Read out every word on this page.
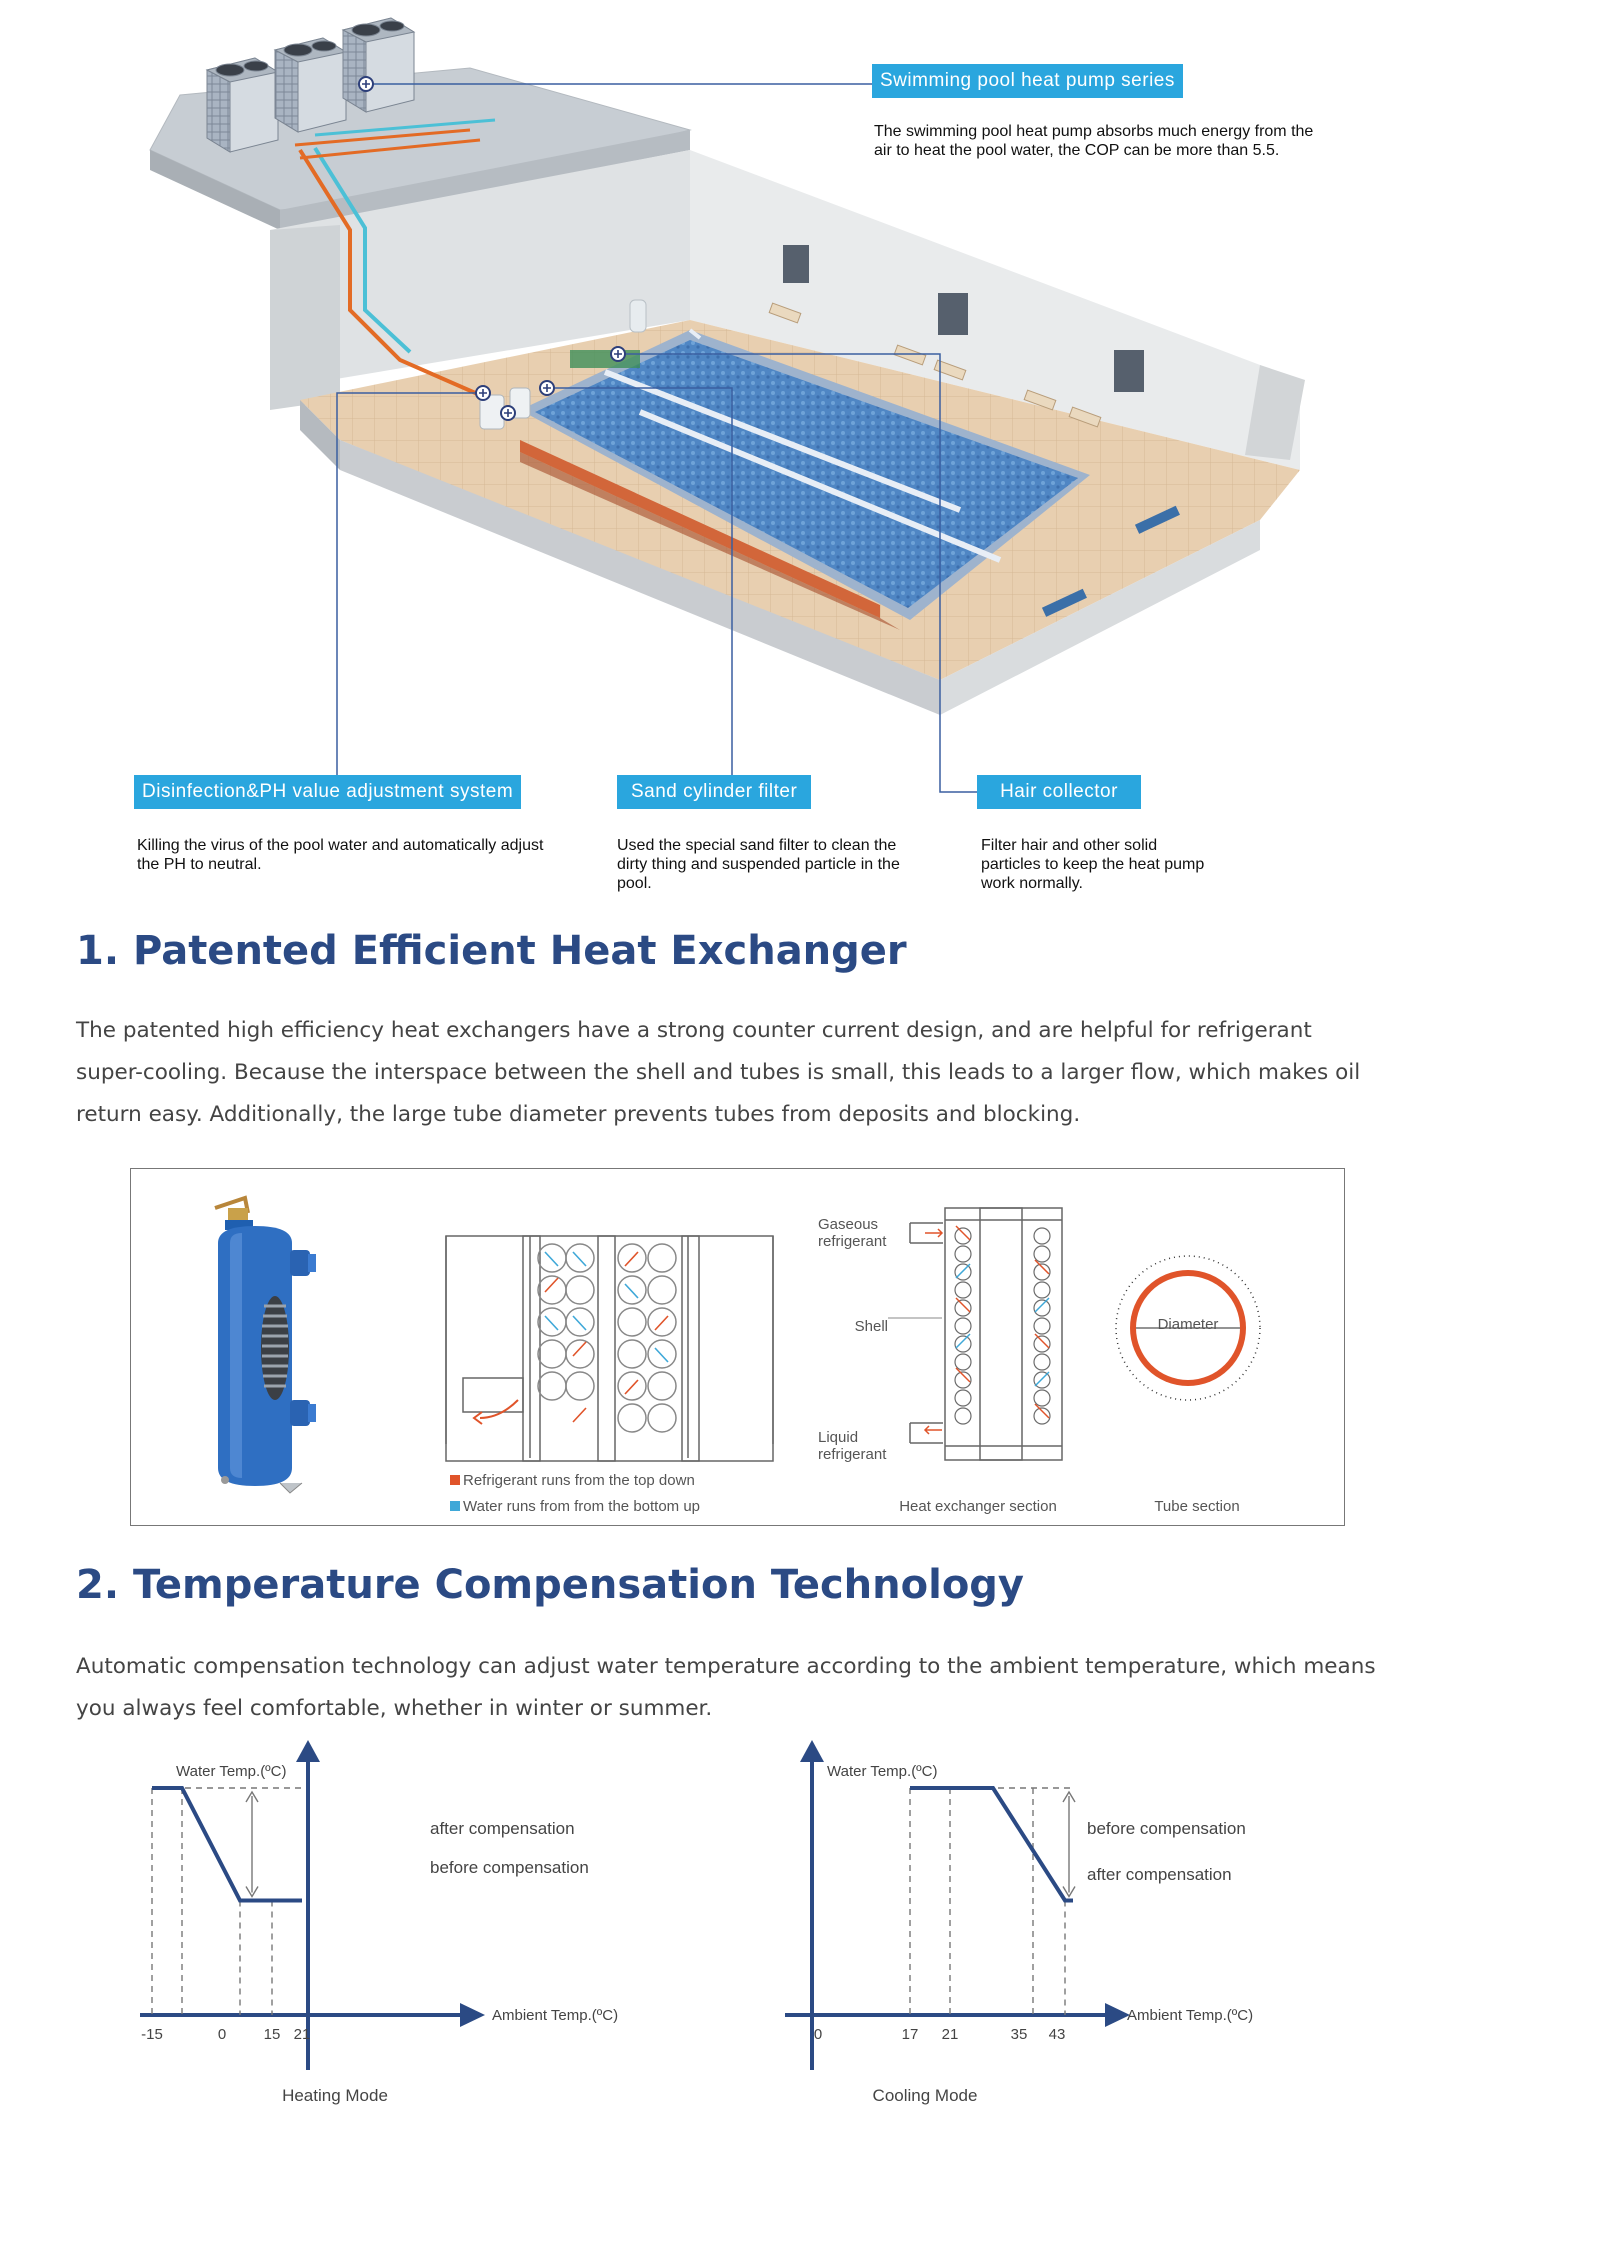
Swimming pool heat pump series
The swimming pool heat pump absorbs much energy from the air to heat the pool water, the COP can be more than 5.5.
Disinfection&PH value adjustment system
Killing the virus of the pool water and automatically adjust the PH to neutral.
Sand cylinder filter
Used the special sand filter to clean the dirty thing and suspended particle in the pool.
Hair collector
Filter hair and other solid particles to keep the heat pump work normally.
1. Patented Efficient Heat Exchanger

The patented high efficiency heat exchangers have a strong counter current design, and are helpful for refrigerant super-cooling. Because the interspace between the shell and tubes is small, this leads to a larger flow, which makes oil return easy. Additionally, the large tube diameter prevents tubes from deposits and blocking.

Refrigerant runs from the top down
Water runs from from the bottom up
Gaseous
refrigerant
Shell
Liquid
refrigerant
Heat exchanger section
Diameter
Tube section
2. Temperature Compensation Technology

Automatic compensation technology can adjust water temperature according to the ambient temperature, which means you always feel comfortable, whether in winter or summer.

-15	0 15 21
Water Temp.(ºC)
Ambient Temp.(ºC)
after compensation
before compensation
Heating Mode
0	17 21	35 43
Water Temp.(ºC)
Ambient Temp.(ºC)
before compensation
after compensation
Cooling Mode
